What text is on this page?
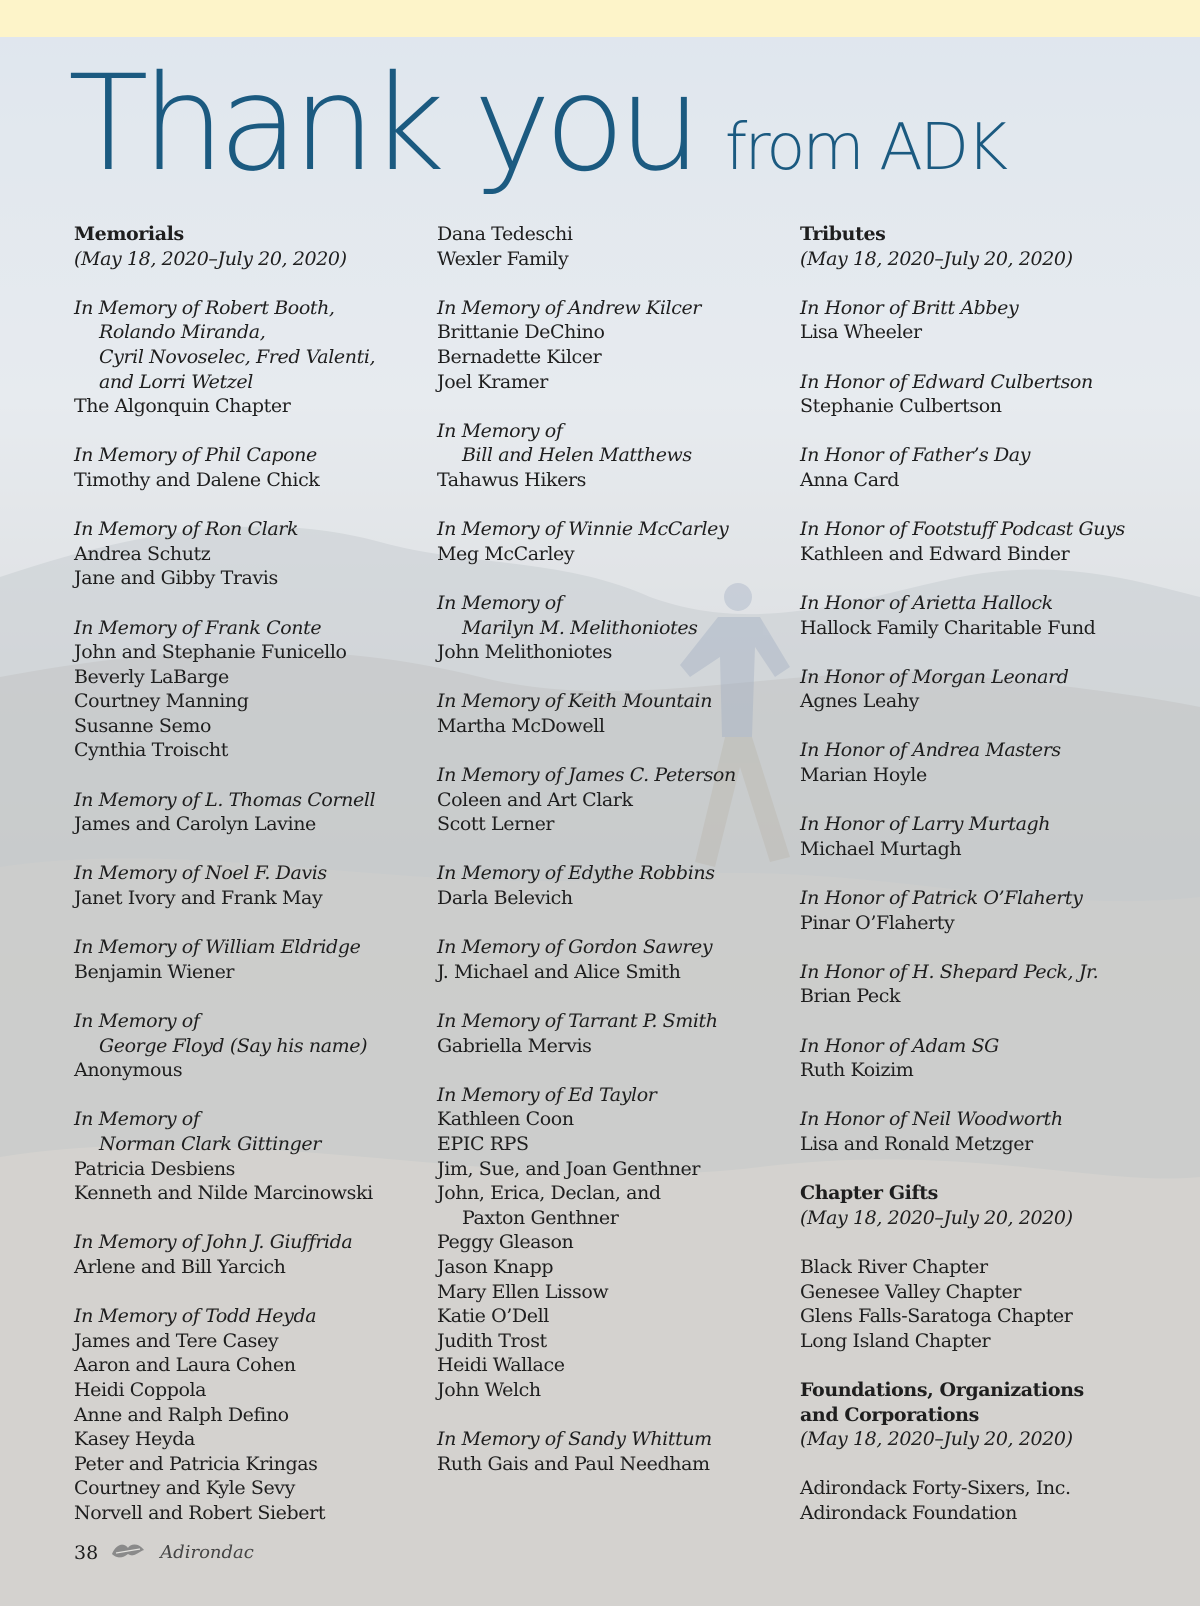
Thank you from ADK
Memorials
(May 18, 2020–July 20, 2020)
In Memory of Robert Booth,
Rolando Miranda,
Cyril Novoselec, Fred Valenti,
and Lorri Wetzel
The Algonquin Chapter
In Memory of Phil Capone
Timothy and Dalene Chick
In Memory of Ron Clark
Andrea Schutz
Jane and Gibby Travis
In Memory of Frank Conte
John and Stephanie Funicello
Beverly LaBarge
Courtney Manning
Susanne Semo
Cynthia Troischt
In Memory of L. Thomas Cornell
James and Carolyn Lavine
In Memory of Noel F. Davis
Janet Ivory and Frank May
In Memory of William Eldridge
Benjamin Wiener
In Memory of
George Floyd (Say his name)
Anonymous
In Memory of
Norman Clark Gittinger
Patricia Desbiens
Kenneth and Nilde Marcinowski
In Memory of John J. Giuffrida
Arlene and Bill Yarcich
In Memory of Todd Heyda
James and Tere Casey
Aaron and Laura Cohen
Heidi Coppola
Anne and Ralph Defino
Kasey Heyda
Peter and Patricia Kringas
Courtney and Kyle Sevy
Norvell and Robert Siebert
Dana Tedeschi
Wexler Family
In Memory of Andrew Kilcer
Brittanie DeChino
Bernadette Kilcer
Joel Kramer
In Memory of
Bill and Helen Matthews
Tahawus Hikers
In Memory of Winnie McCarley
Meg McCarley
In Memory of
Marilyn M. Melithoniotes
John Melithoniotes
In Memory of Keith Mountain
Martha McDowell
In Memory of James C. Peterson
Coleen and Art Clark
Scott Lerner
In Memory of Edythe Robbins
Darla Belevich
In Memory of Gordon Sawrey
J. Michael and Alice Smith
In Memory of Tarrant P. Smith
Gabriella Mervis
In Memory of Ed Taylor
Kathleen Coon
EPIC RPS
Jim, Sue, and Joan Genthner
John, Erica, Declan, and
Paxton Genthner
Peggy Gleason
Jason Knapp
Mary Ellen Lissow
Katie O’Dell
Judith Trost
Heidi Wallace
John Welch
In Memory of Sandy Whittum
Ruth Gais and Paul Needham
Tributes
(May 18, 2020–July 20, 2020)
In Honor of Britt Abbey
Lisa Wheeler
In Honor of Edward Culbertson
Stephanie Culbertson
In Honor of Father’s Day
Anna Card
In Honor of Footstuff Podcast Guys
Kathleen and Edward Binder
In Honor of Arietta Hallock
Hallock Family Charitable Fund
In Honor of Morgan Leonard
Agnes Leahy
In Honor of Andrea Masters
Marian Hoyle
In Honor of Larry Murtagh
Michael Murtagh
In Honor of Patrick O’Flaherty
Pinar O’Flaherty
In Honor of H. Shepard Peck, Jr.
Brian Peck
In Honor of Adam SG
Ruth Koizim
In Honor of Neil Woodworth
Lisa and Ronald Metzger
Chapter Gifts
(May 18, 2020–July 20, 2020)
Black River Chapter
Genesee Valley Chapter
Glens Falls-Saratoga Chapter
Long Island Chapter
Foundations, Organizations
and Corporations
(May 18, 2020–July 20, 2020)
Adirondack Forty-Sixers, Inc.
Adirondack Foundation
38	Adirondac
